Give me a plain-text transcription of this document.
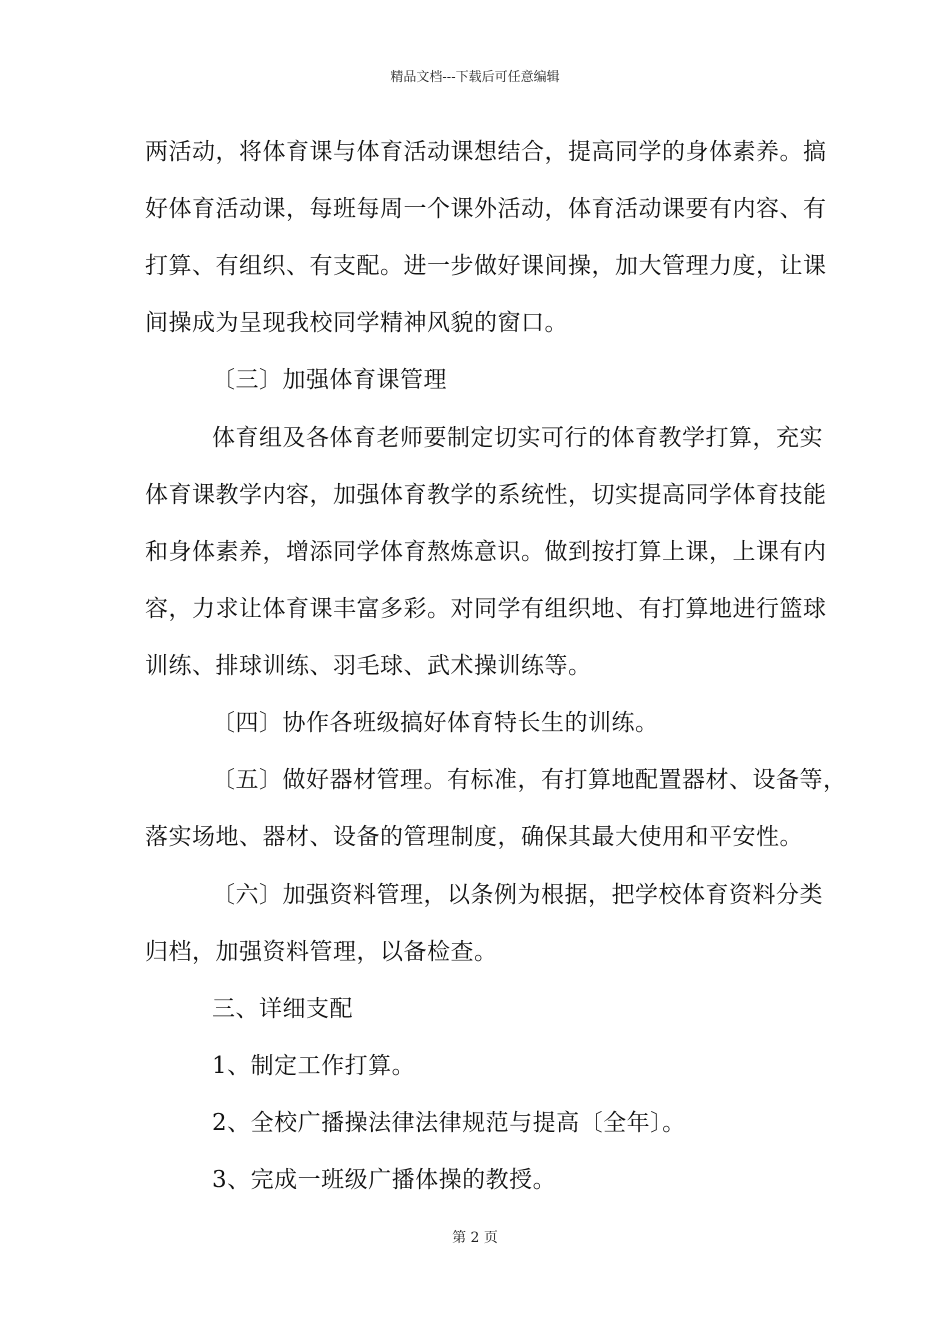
精品文档---下载后可任意编辑
两活动，将体育课与体育活动课想结合，提高同学的身体素养。搞
好体育活动课，每班每周一个课外活动，体育活动课要有内容、有
打算、有组织、有支配。进一步做好课间操，加大管理力度，让课
间操成为呈现我校同学精神风貌的窗口。
〔三〕加强体育课管理
体育组及各体育老师要制定切实可行的体育教学打算，充实
体育课教学内容，加强体育教学的系统性，切实提高同学体育技能
和身体素养，增添同学体育熬炼意识。做到按打算上课，上课有内
容，力求让体育课丰富多彩。对同学有组织地、有打算地进行篮球
训练、排球训练、羽毛球、武术操训练等。
〔四〕协作各班级搞好体育特长生的训练。
〔五〕做好器材管理。有标准，有打算地配置器材、设备等，
落实场地、器材、设备的管理制度，确保其最大使用和平安性。
〔六〕加强资料管理，以条例为根据，把学校体育资料分类
归档，加强资料管理，以备检查。
三、详细支配
1、制定工作打算。
2、全校广播操法律法律规范与提高〔全年〕。
3、完成一班级广播体操的教授。
第 2 页
